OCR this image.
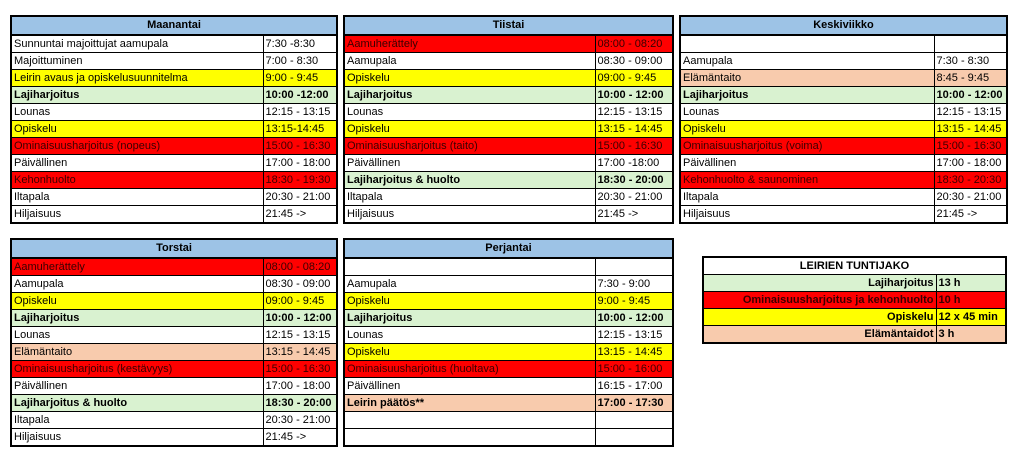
Maanantai	
Sunnuntai majoittujat aamupala	7:30 -8:30
Majoittuminen	7:00 - 8:30
Leirin avaus ja opiskelusuunnitelma	9:00 - 9:45
Lajiharjoitus	10:00 -12:00
Lounas	12:15 - 13:15
Opiskelu	13:15-14:45
Ominaisuusharjoitus (nopeus)	15:00 - 16:30
Päivällinen	17:00 - 18:00
Kehonhuolto	18:30 - 19:30
Iltapala	20:30 - 21:00
Hiljaisuus	21:45 ->
Tiistai	
Aamuherättely	08:00 - 08:20
Aamupala	08:30 - 09:00
Opiskelu	09:00 - 9:45
Lajiharjoitus	10:00 - 12:00
Lounas	12:15 - 13:15
Opiskelu	13:15 - 14:45
Ominaisuusharjoitus (taito)	15:00 - 16:30
Päivällinen	17:00 -18:00
Lajiharjoitus & huolto	18:30 - 20:00
Iltapala	20:30 - 21:00
Hiljaisuus	21:45 ->
Keskiviikko	

Aamupala	7:30 - 8:30
Elämäntaito	8:45 - 9:45
Lajiharjoitus	10:00 - 12:00
Lounas	12:15 - 13:15
Opiskelu	13:15 - 14:45
Ominaisuusharjoitus (voima)	15:00 - 16:30
Päivällinen	17:00 - 18:00
Kehonhuolto & saunominen	18:30 - 20:30
Iltapala	20:30 - 21:00
Hiljaisuus	21:45 ->
Torstai	
Aamuherättely	08:00 - 08:20
Aamupala	08:30 - 09:00
Opiskelu	09:00 - 9:45
Lajiharjoitus	10:00 - 12:00
Lounas	12:15 - 13:15
Elämäntaito	13:15 - 14:45
Ominaisuusharjoitus (kestävyys)	15:00 - 16:30
Päivällinen	17:00 - 18:00
Lajiharjoitus & huolto	18:30 - 20:00
Iltapala	20:30 - 21:00
Hiljaisuus	21:45 ->
Perjantai	

Aamupala	7:30 - 9:00
Opiskelu	9:00 - 9:45
Lajiharjoitus	10:00 - 12:00
Lounas	12:15 - 13:15
Opiskelu	13:15 - 14:45
Ominaisuusharjoitus (huoltava)	15:00 - 16:00
Päivällinen	16:15 - 17:00
Leirin päätös**	17:00 - 17:30

LEIRIEN TUNTIJAKO	
Lajiharjoitus	13 h
Ominaisuusharjoitus ja kehonhuolto	10 h
Opiskelu	12 x 45 min
Elämäntaidot	3 h
